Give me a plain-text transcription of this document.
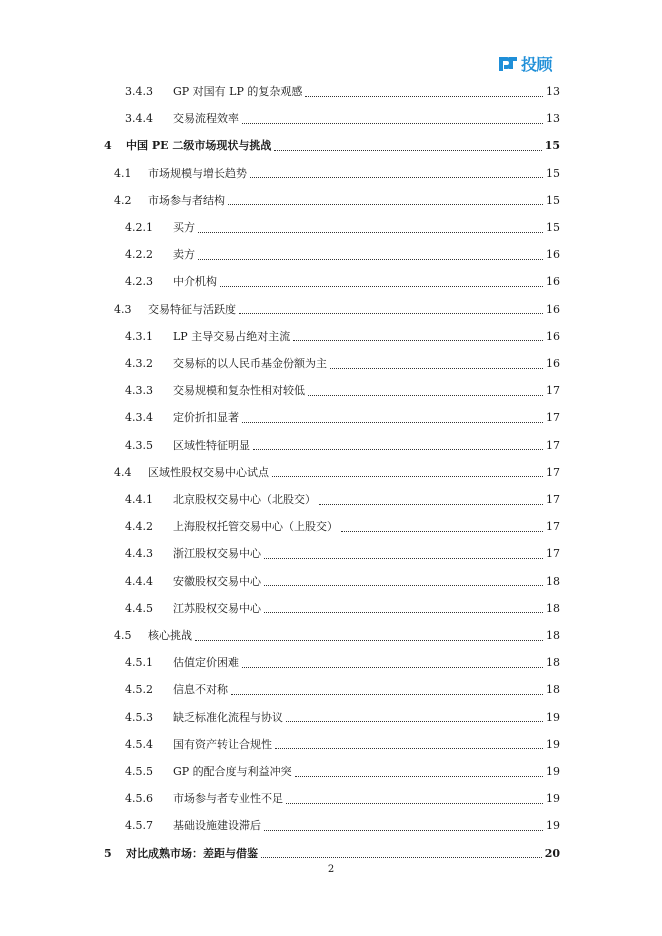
投顾
3.4.3 GP 对国有 LP 的复杂观感	13
3.4.4 交易流程效率	13
4 中国 PE 二级市场现状与挑战	15
4.1 市场规模与增长趋势	15
4.2 市场参与者结构	15
4.2.1 买方	15
4.2.2 卖方	16
4.2.3 中介机构	16
4.3 交易特征与活跃度	16
4.3.1 LP 主导交易占绝对主流	16
4.3.2 交易标的以人民币基金份额为主	16
4.3.3 交易规模和复杂性相对较低	17
4.3.4 定价折扣显著	17
4.3.5 区域性特征明显	17
4.4 区域性股权交易中心试点	17
4.4.1 北京股权交易中心（北股交）	17
4.4.2 上海股权托管交易中心（上股交）	17
4.4.3 浙江股权交易中心	17
4.4.4 安徽股权交易中心	18
4.4.5 江苏股权交易中心	18
4.5 核心挑战	18
4.5.1 估值定价困难	18
4.5.2 信息不对称	18
4.5.3 缺乏标准化流程与协议	19
4.5.4 国有资产转让合规性	19
4.5.5 GP 的配合度与利益冲突	19
4.5.6 市场参与者专业性不足	19
4.5.7 基础设施建设滞后	19
5 对比成熟市场：差距与借鉴	20
2
